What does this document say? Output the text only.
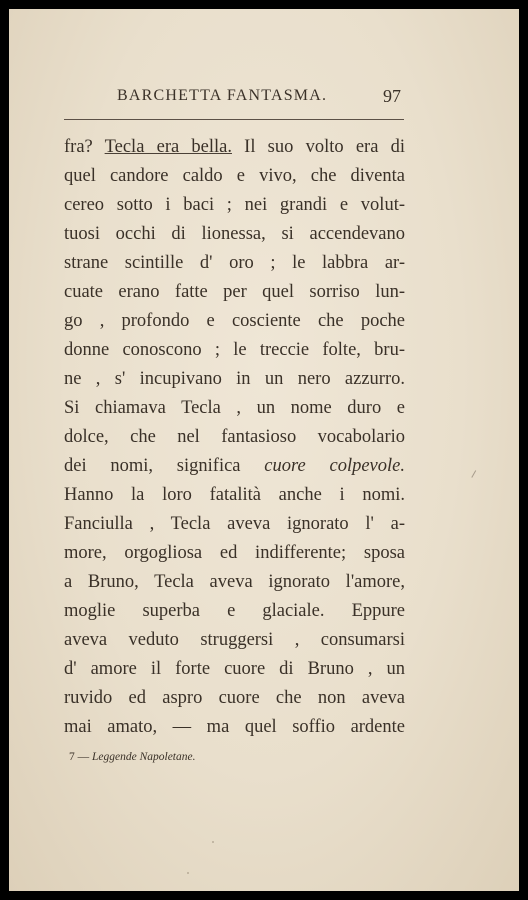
BARCHETTA FANTASMA.	97
fra? Tecla era bella. Il suo volto era di
quel candore caldo e vivo, che diventa
cereo sotto i baci ; nei grandi e volut-
tuosi occhi di lionessa, si accendevano
strane scintille d' oro ; le labbra ar-
cuate erano fatte per quel sorriso lun-
go , profondo e cosciente che poche
donne conoscono ; le treccie folte, bru-
ne , s' incupivano in un nero azzurro.
Si chiamava Tecla , un nome duro e
dolce, che nel fantasioso vocabolario
dei nomi, significa cuore colpevole.
Hanno la loro fatalità anche i nomi.
Fanciulla , Tecla aveva ignorato l' a-
more, orgogliosa ed indifferente; sposa
a Bruno, Tecla aveva ignorato l'amore,
moglie superba e glaciale. Eppure
aveva veduto struggersi , consumarsi
d' amore il forte cuore di Bruno , un
ruvido ed aspro cuore che non aveva
mai amato, — ma quel soffio ardente
7 — Leggende Napoletane.
